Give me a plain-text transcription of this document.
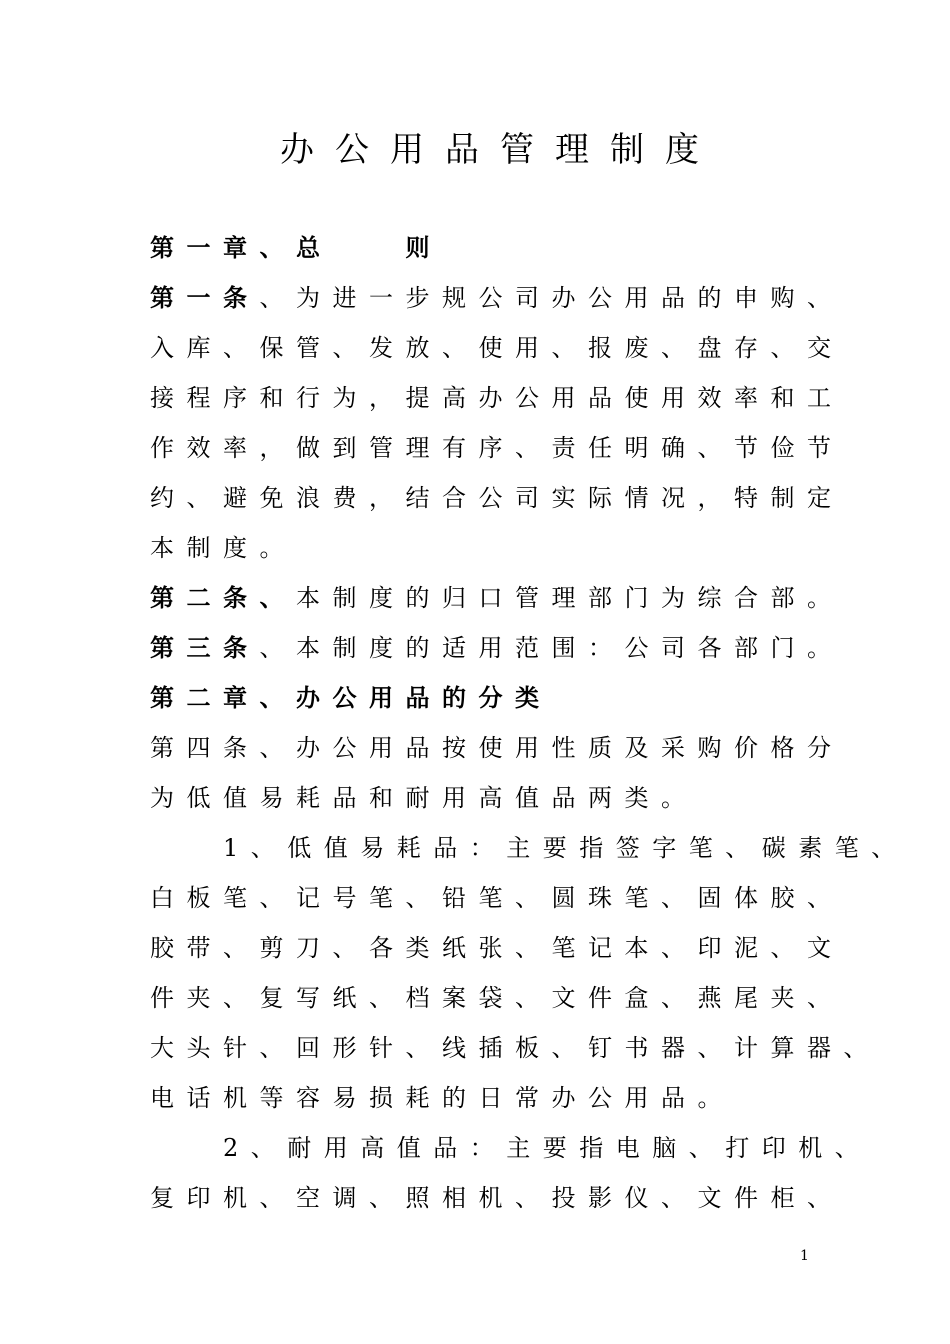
办公用品管理制度
第一章、总　　则
第一条、为进一步规公司办公用品的申购、
入库、保管、发放、使用、报废、盘存、交
接程序和行为，提高办公用品使用效率和工
作效率，做到管理有序、责任明确、节俭节
约、避免浪费，结合公司实际情况，特制定
本制度。
第二条、本制度的归口管理部门为综合部。
第三条、本制度的适用范围：公司各部门。
第二章、办公用品的分类
第四条、办公用品按使用性质及采购价格分
为低值易耗品和耐用高值品两类。
　　1、低值易耗品：主要指签字笔、碳素笔、
白板笔、记号笔、铅笔、圆珠笔、固体胶、
胶带、剪刀、各类纸张、笔记本、印泥、文
件夹、复写纸、档案袋、文件盒、燕尾夹、
大头针、回形针、线插板、钉书器、计算器、
电话机等容易损耗的日常办公用品。
　　2、耐用高值品：主要指电脑、打印机、
复印机、空调、照相机、投影仪、文件柜、
1
